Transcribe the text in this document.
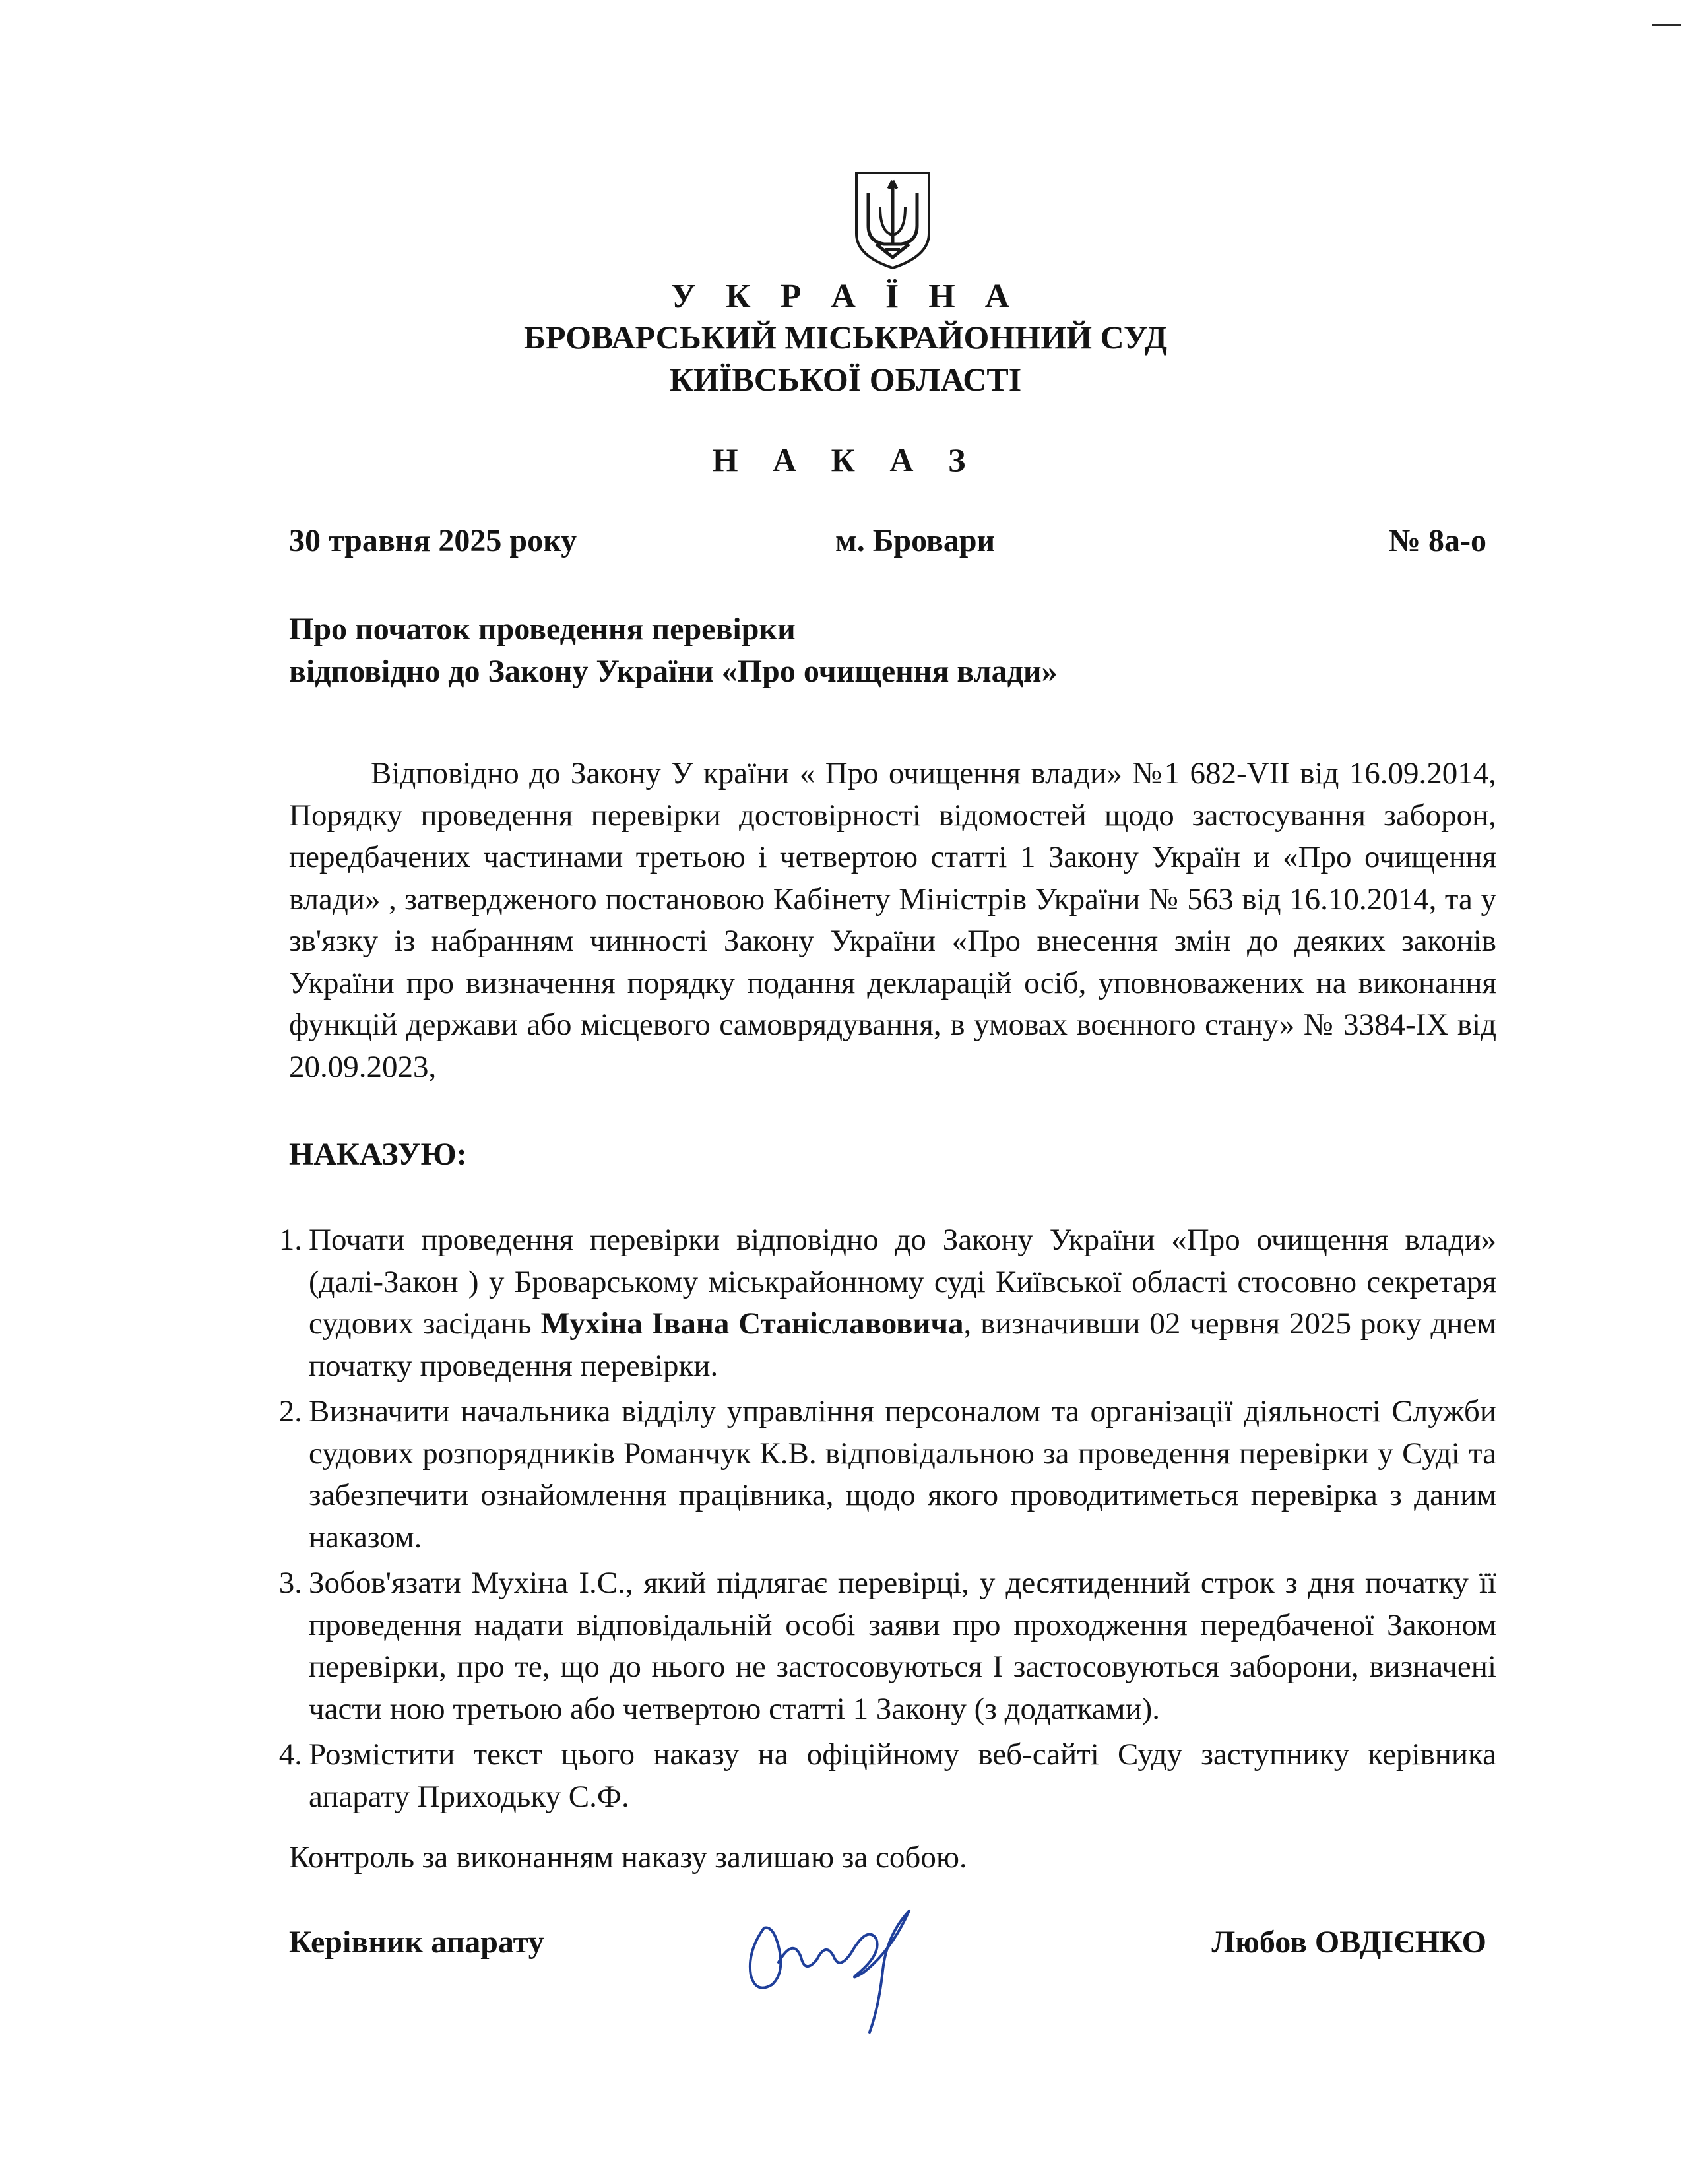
У К Р А Ї Н А
БРОВАРСЬКИЙ МІСЬКРАЙОННИЙ СУД
КИЇВСЬКОЇ ОБЛАСТІ
Н А К А З
30 травня 2025 року	м. Бровари	№ 8а-о
Про початок проведення перевірки
відповідно до Закону України «Про очищення влади»

Відповідно до Закону У країни « Про очищення влади» №1 682-VII від 16.09.2014, Порядку проведення перевірки достовірності відомостей щодо застосування заборон, передбачених частинами третьою і четвертою статті 1 Закону Україн и «Про очищення влади» , затвердженого постановою Кабінету Міністрів України № 563 від 16.10.2014, та у зв'язку із набранням чинності Закону України «Про внесення змін до деяких законів України про визначення порядку подання декларацій осіб, уповноважених на виконання функцій держави або місцевого самоврядування, в умовах воєнного стану» № 3384-IX від 20.09.2023,

НАКАЗУЮ:
1. Почати проведення перевірки відповідно до Закону України «Про очищення влади» (далі-Закон ) у Броварському міськрайонному суді Київської області стосовно секретаря судових засідань Мухіна Івана Станіславовича, визначивши 02 червня 2025 року днем початку проведення перевірки.
2. Визначити начальника відділу управління персоналом та організації діяльності Служби судових розпорядників Романчук К.В. відповідальною за проведення перевірки у Суді та забезпечити ознайомлення працівника, щодо якого проводитиметься перевірка з даним наказом.
3. Зобов'язати Мухіна І.С., який підлягає перевірці, у десятиденний строк з дня початку її проведення надати відповідальній особі заяви про проходження передбаченої Законом перевірки, про те, що до нього не застосовуються І застосовуються заборони, визначені части ною третьою або четвертою статті 1 Закону (з додатками).
4. Розмістити текст цього наказу на офіційному веб-сайті Суду заступнику керівника апарату Приходьку С.Ф.
Контроль за виконанням наказу залишаю за собою.
Керівник апарату	Любов ОВДІЄНКО
